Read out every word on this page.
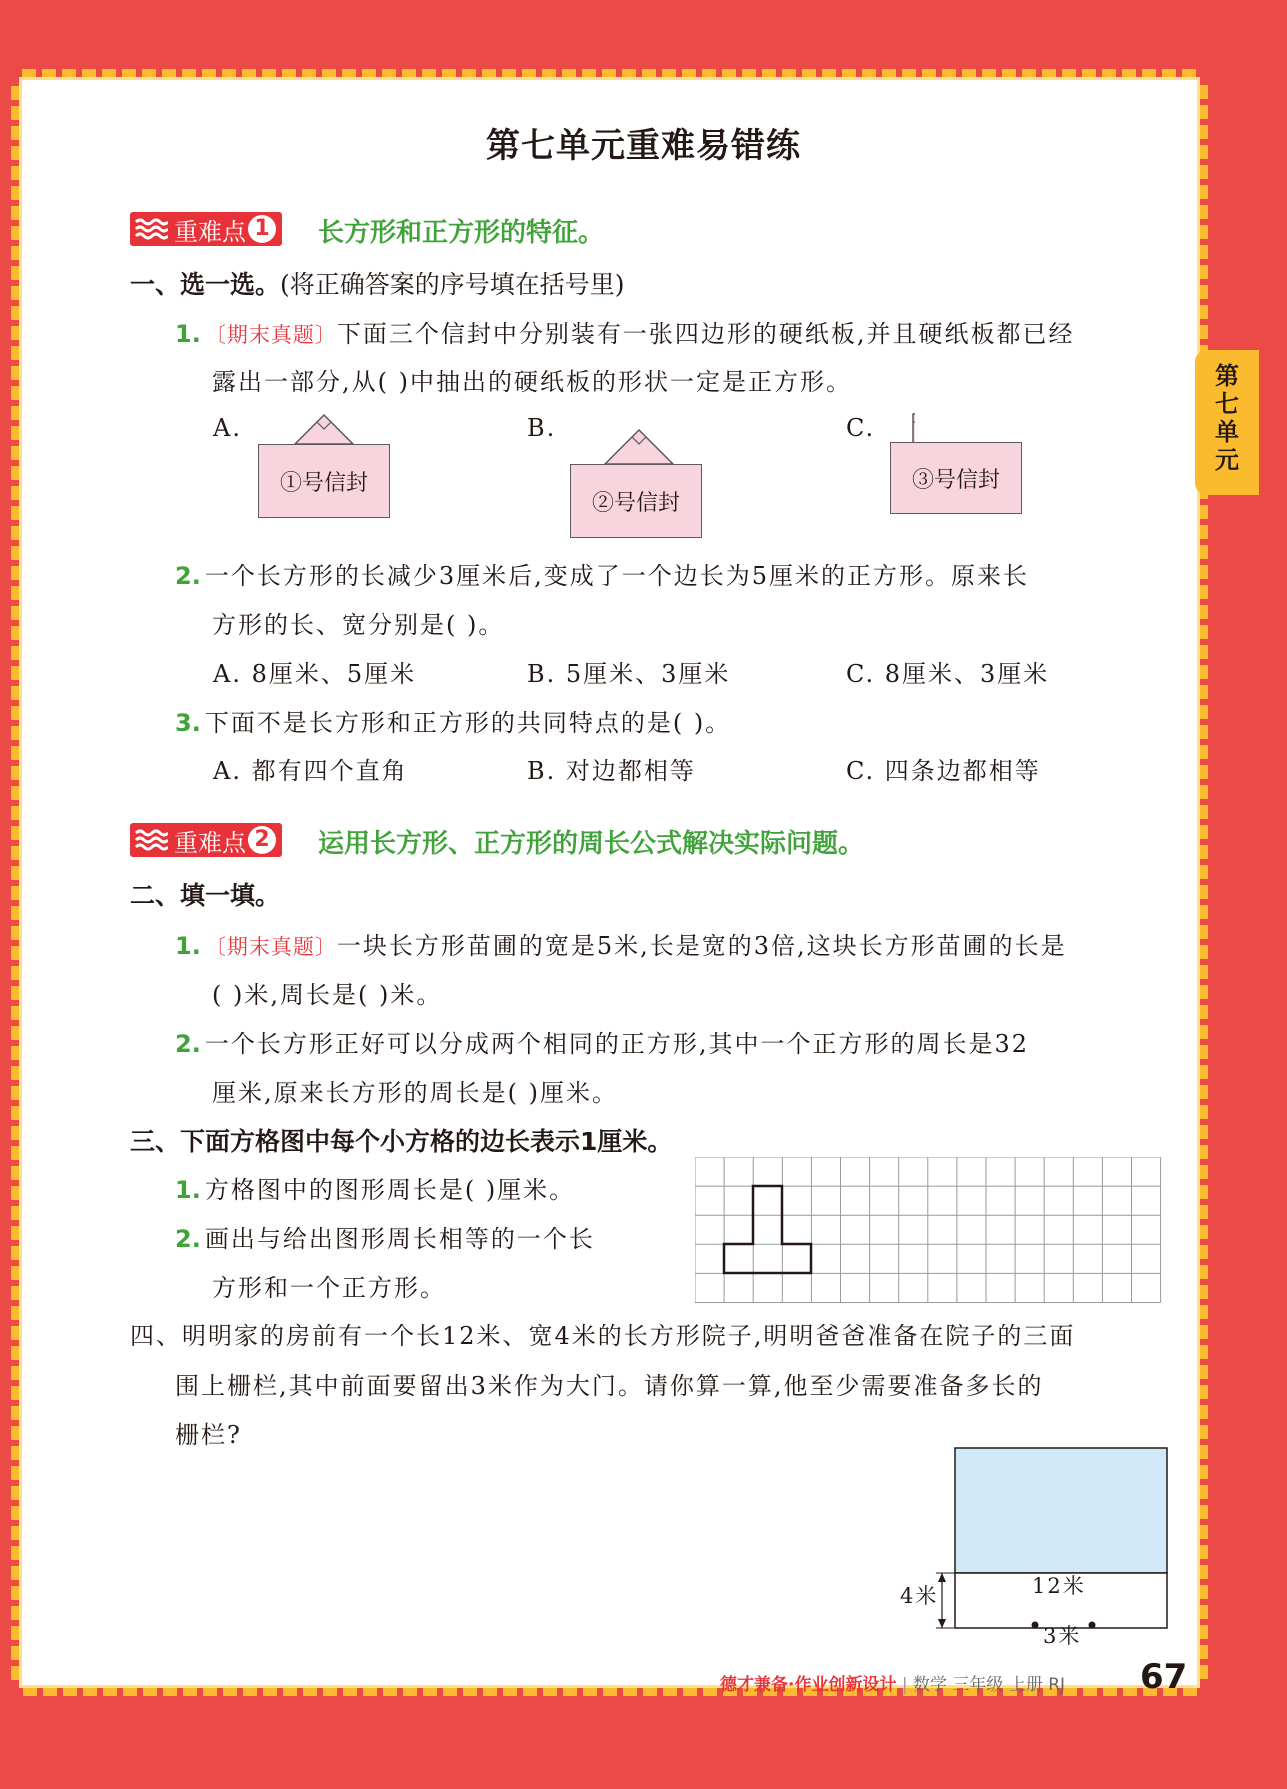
第
七
单
元
第七单元重难易错练
重难点 1 长方形和正方形的特征。
一、选一选。(将正确答案的序号填在括号里)
1. 〔期末真题〕下面三个信封中分别装有一张四边形的硬纸板,并且硬纸板都已经
露出一部分,从( )中抽出的硬纸板的形状一定是正方形。
A.	B.	C.
①号信封
②号信封
③号信封
2. 一个长方形的长减少3厘米后,变成了一个边长为5厘米的正方形。原来长
方形的长、宽分别是( )。
A. 8厘米、5厘米	B. 5厘米、3厘米	C. 8厘米、3厘米
3. 下面不是长方形和正方形的共同特点的是( )。
A. 都有四个直角	B. 对边都相等	C. 四条边都相等
重难点 2 运用长方形、正方形的周长公式解决实际问题。
二、填一填。
1. 〔期末真题〕一块长方形苗圃的宽是5米,长是宽的3倍,这块长方形苗圃的长是
( )米,周长是( )米。
2. 一个长方形正好可以分成两个相同的正方形,其中一个正方形的周长是32
厘米,原来长方形的周长是( )厘米。
三、下面方格图中每个小方格的边长表示1厘米。
1. 方格图中的图形周长是( )厘米。
2. 画出与给出图形周长相等的一个长
方形和一个正方形。
四、明明家的房前有一个长12米、宽4米的长方形院子,明明爸爸准备在院子的三面
围上栅栏,其中前面要留出3米作为大门。请你算一算,他至少需要准备多长的
栅栏?
4米	12米
3米
德才兼备·作业创新设计 | 数学 三年级 上册 RJ 67
